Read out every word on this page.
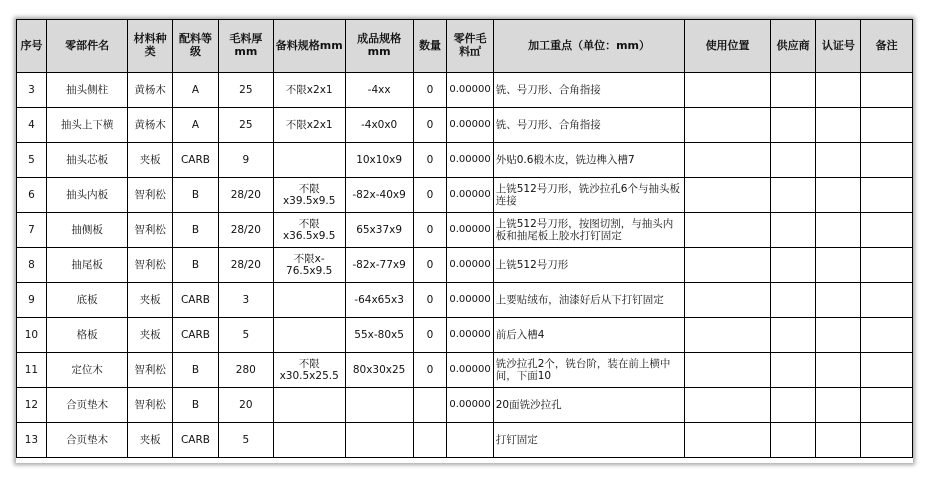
序号	零部件名	材料种类	配料等级	毛料厚mm	备料规格mm	成品规格mm	数量	零件毛料㎡	加工重点（单位：mm）	使用位置	供应商	认证号	备注
3	抽头侧柱	黄杨木	A	25	不限x2x1	-4xx	0	0.00000	铣、号刀形、合角指接				
4	抽头上下横	黄杨木	A	25	不限x2x1	-4x0x0	0	0.00000	铣、号刀形、合角指接				
5	抽头芯板	夹板	CARB	9		10x10x9	0	0.00000	外贴0.6椴木皮，铣边榫入槽7				
6	抽头内板	智利松	B	28/20	不限x39.5x9.5	-82x-40x9	0	0.00000	上铣512号刀形，铣沙拉孔6个与抽头板连接				
7	抽侧板	智利松	B	28/20	不限x36.5x9.5	65x37x9	0	0.00000	上铣512号刀形，按图切割，与抽头内板和抽尾板上胶水打钉固定				
8	抽尾板	智利松	B	28/20	不限x-76.5x9.5	-82x-77x9	0	0.00000	上铣512号刀形				
9	底板	夹板	CARB	3		-64x65x3	0	0.00000	上要贴绒布，油漆好后从下打钉固定				
10	格板	夹板	CARB	5		55x-80x5	0	0.00000	前后入槽4				
11	定位木	智利松	B	280	不限x30.5x25.5	80x30x25	0	0.00000	铣沙拉孔2个，铣台阶，装在前上横中间，下面10				
12	合页垫木	智利松	B	20				0.00000	20面铣沙拉孔				
13	合页垫木	夹板	CARB	5					打钉固定				
